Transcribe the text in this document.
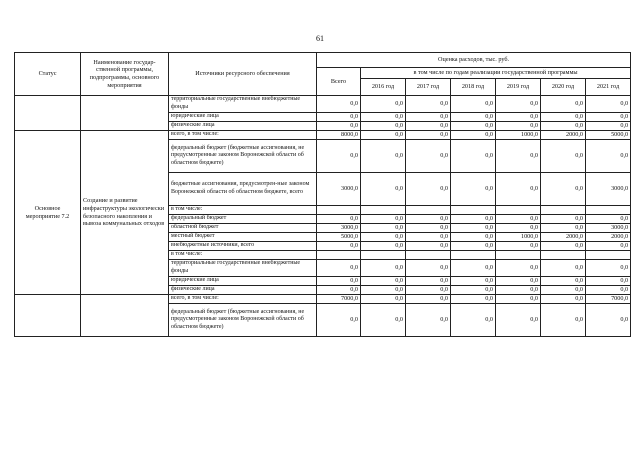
61
Статус	Наименование государ-ственной программы, подпрограммы, основного мероприятия	Источники ресурсного обеспечения	Оценка расходов, тыс. руб.						
			Всего	в том числе по годам реализации государственной программы					
				2016 год	2017 год	2018 год	2019 год	2020 год	2021 год
		территориальные государственные внебюджетные фонды	0,0	0,0	0,0	0,0	0,0	0,0	0,0
		юридические лица	0,0	0,0	0,0	0,0	0,0	0,0	0,0
		физические лица	0,0	0,0	0,0	0,0	0,0	0,0	0,0
Основное мероприятие 7.2	Создание и развитие инфраструктуры экологически безопасного накопления и вывоза коммунальных отходов	всего, в том числе:	8000,0	0,0	0,0	0,0	1000,0	2000,0	5000,0
		федеральный бюджет (бюджетные ассигнования, не предусмотренные законом Воронежской области об областном бюджете)	0,0	0,0	0,0	0,0	0,0	0,0	0,0
		бюджетные ассигнования, предусмотрен-ные законом Воронежской области об областном бюджете, всего	3000,0	0,0	0,0	0,0	0,0	0,0	3000,0
		в том числе:							
		федеральный бюджет	0,0	0,0	0,0	0,0	0,0	0,0	0,0
		областной бюджет	3000,0	0,0	0,0	0,0	0,0	0,0	3000,0
		местный бюджет	5000,0	0,0	0,0	0,0	1000,0	2000,0	2000,0
		внебюджетные источники, всего	0,0	0,0	0,0	0,0	0,0	0,0	0,0
		в том числе:							
		территориальные государственные внебюджетные фонды	0,0	0,0	0,0	0,0	0,0	0,0	0,0
		юридические лица	0,0	0,0	0,0	0,0	0,0	0,0	0,0
		физические лица	0,0	0,0	0,0	0,0	0,0	0,0	0,0
		всего, в том числе:	7000,0	0,0	0,0	0,0	0,0	0,0	7000,0
		федеральный бюджет (бюджетные ассигнования, не предусмотренные законом Воронежской области об областном бюджете)	0,0	0,0	0,0	0,0	0,0	0,0	0,0
